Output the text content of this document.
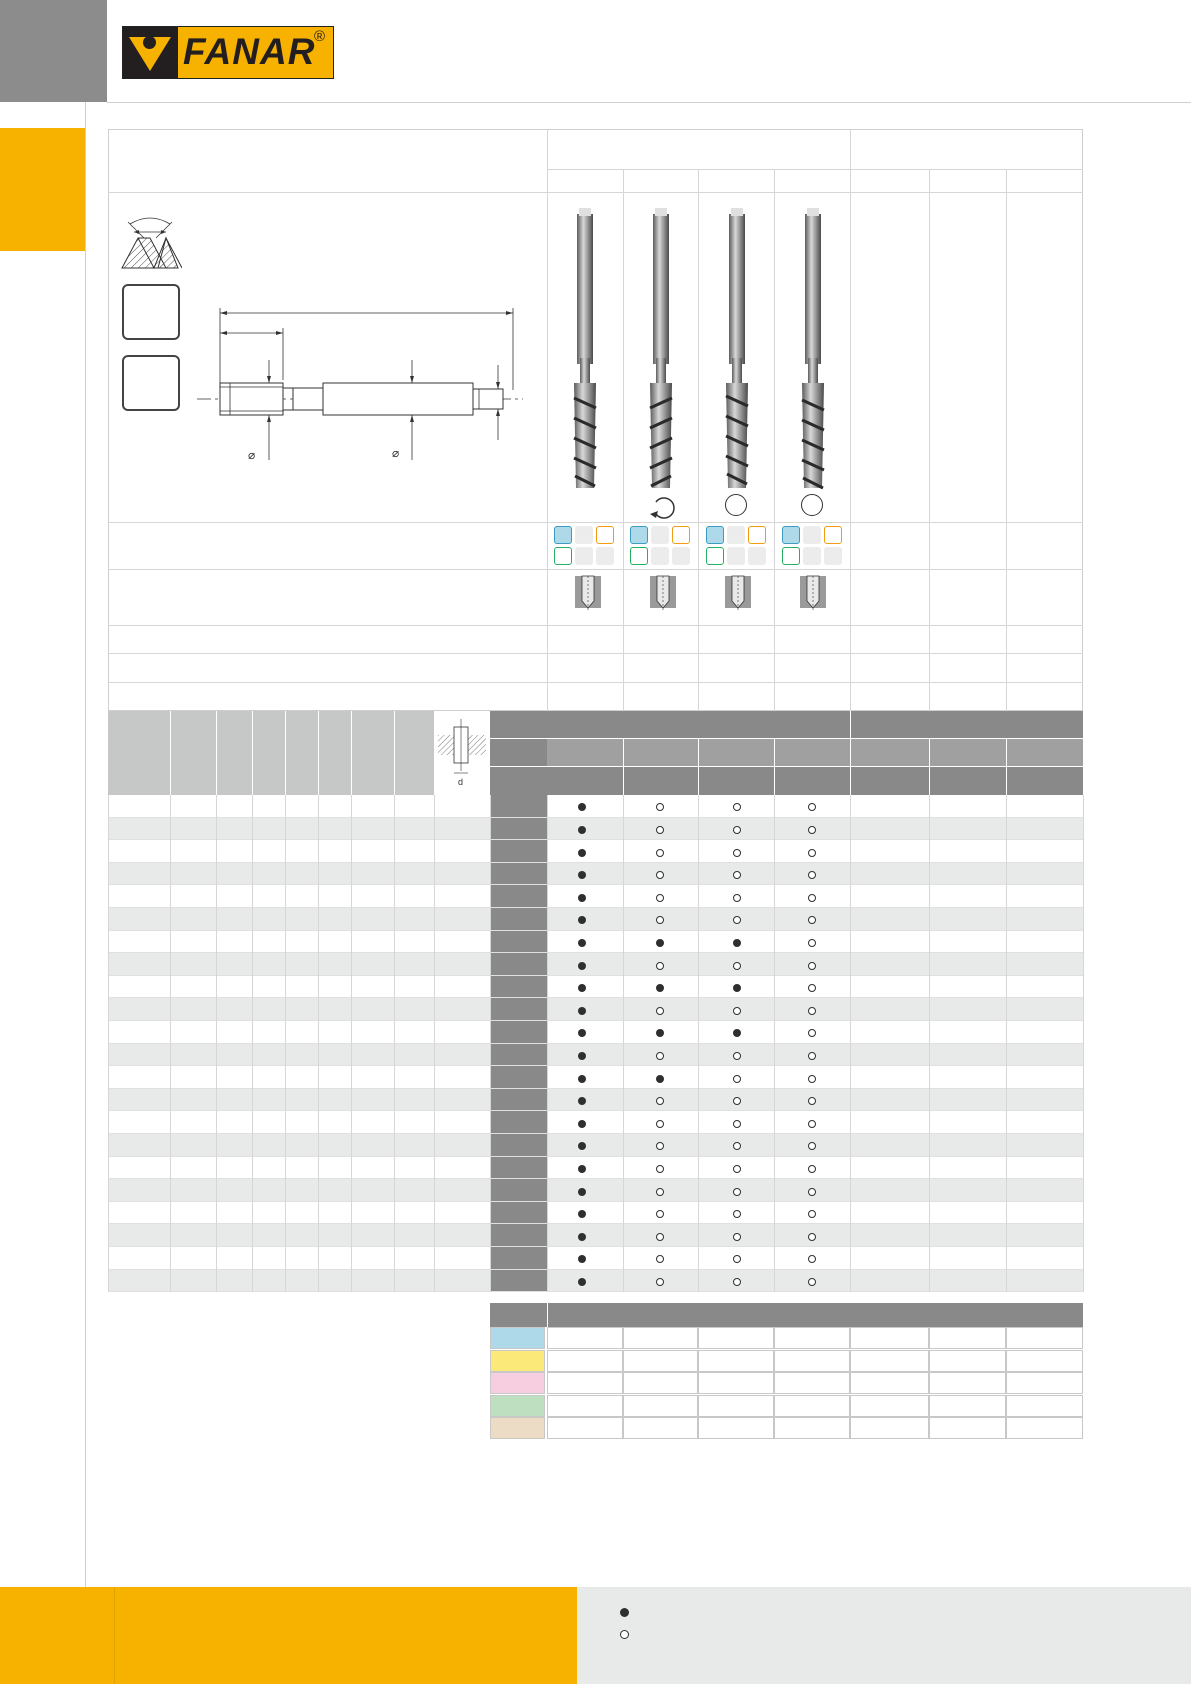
FANAR
®
⌀	⌀
d
